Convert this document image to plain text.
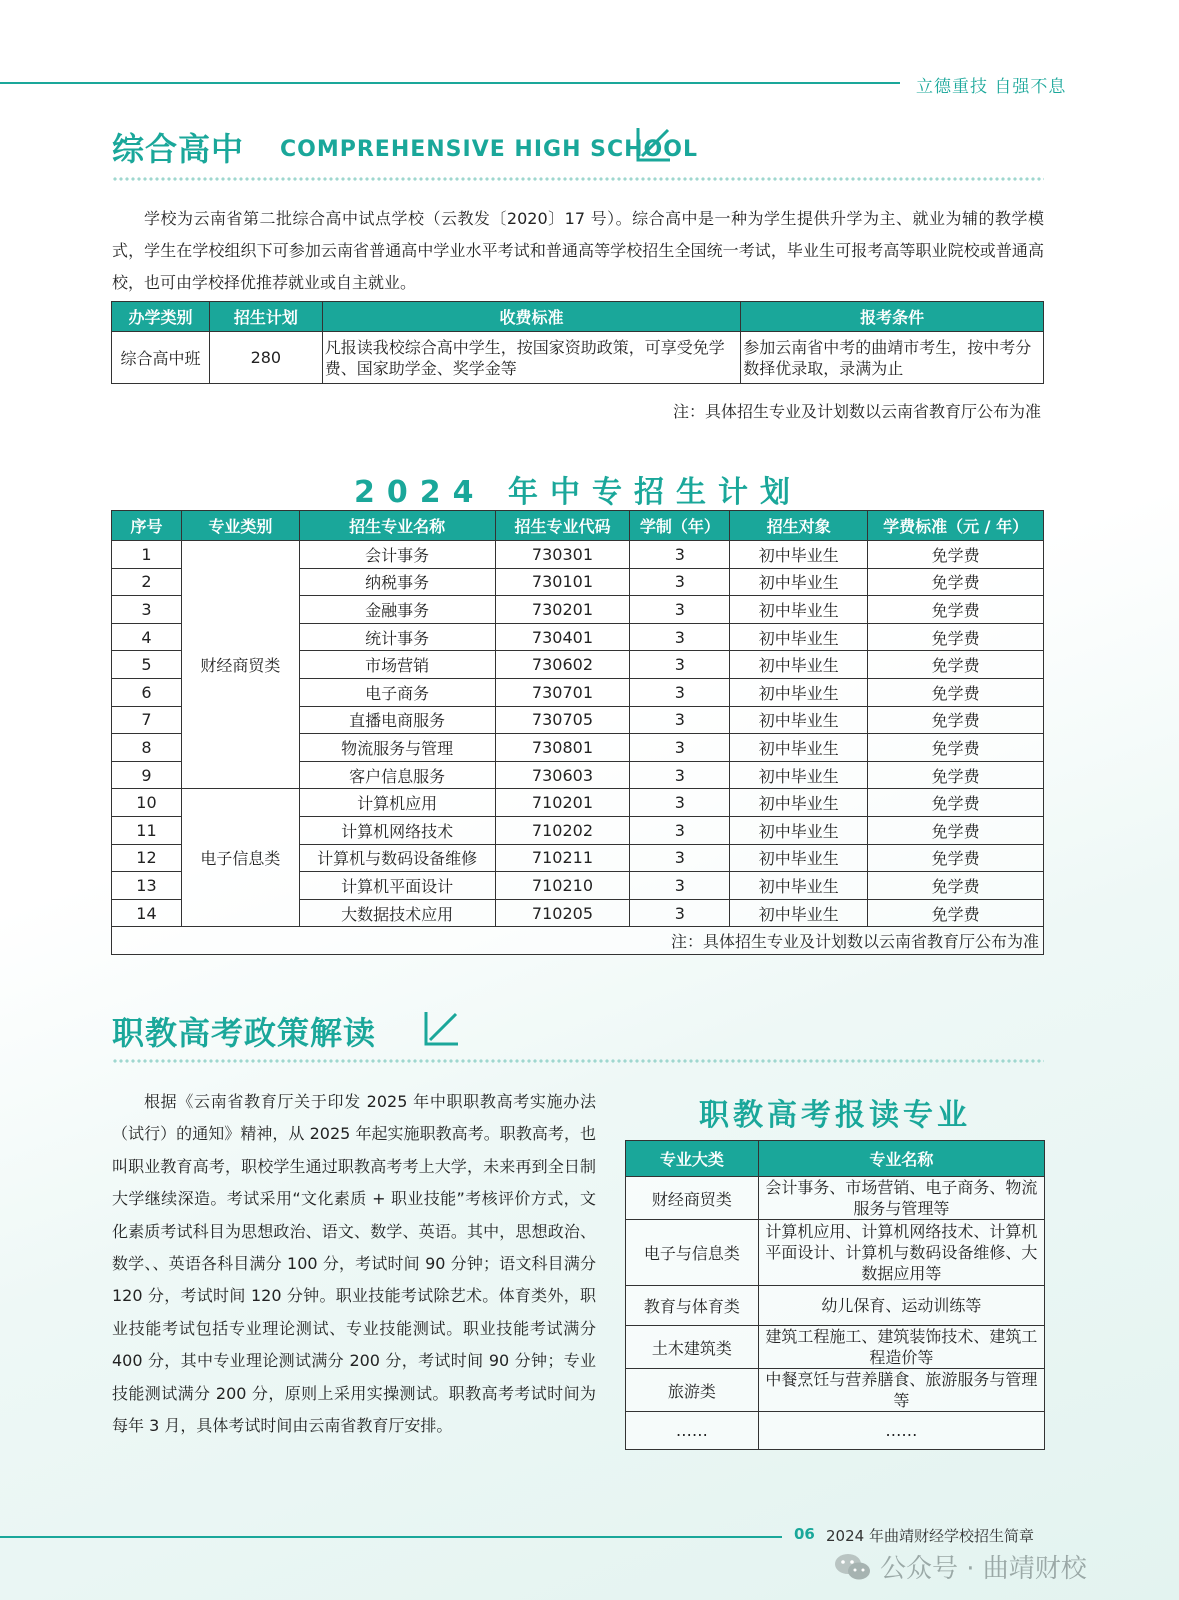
立德重技 自强不息
综合高中 COMPREHENSIVE HIGH SCHOOL

学校为云南省第二批综合高中试点学校（云教发〔2020〕17 号）。综合高中是一种为学生提供升学为主、就业为辅的教学模式，学生在学校组织下可参加云南省普通高中学业水平考试和普通高等学校招生全国统一考试，毕业生可报考高等职业院校或普通高校，也可由学校择优推荐就业或自主就业。

办学类别	招生计划	收费标准	报考条件
综合高中班	280	凡报读我校综合高中学生，按国家资助政策，可享受免学费、国家助学金、奖学金等	参加云南省中考的曲靖市考生，按中考分数择优录取，录满为止
注：具体招生专业及计划数以云南省教育厅公布为准
2024 年中专招生计划
序号	专业类别	招生专业名称	招生专业代码	学制（年）	招生对象	学费标准（元 / 年）
1	财经商贸类	会计事务	730301	3	初中毕业生	免学费
2		纳税事务	730101	3	初中毕业生	免学费
3		金融事务	730201	3	初中毕业生	免学费
4		统计事务	730401	3	初中毕业生	免学费
5		市场营销	730602	3	初中毕业生	免学费
6		电子商务	730701	3	初中毕业生	免学费
7		直播电商服务	730705	3	初中毕业生	免学费
8		物流服务与管理	730801	3	初中毕业生	免学费
9		客户信息服务	730603	3	初中毕业生	免学费
10	电子信息类	计算机应用	710201	3	初中毕业生	免学费
11		计算机网络技术	710202	3	初中毕业生	免学费
12		计算机与数码设备维修	710211	3	初中毕业生	免学费
13		计算机平面设计	710210	3	初中毕业生	免学费
14		大数据技术应用	710205	3	初中毕业生	免学费
注：具体招生专业及计划数以云南省教育厅公布为准						
职教高考政策解读

根据《云南省教育厅关于印发 2025 年中职职教高考实施办法（试行）的通知》精神，从 2025 年起实施职教高考。职教高考，也叫职业教育高考，职校学生通过职教高考考上大学，未来再到全日制大学继续深造。考试采用“文化素质 + 职业技能”考核评价方式，文化素质考试科目为思想政治、语文、数学、英语。其中，思想政治、数学、、英语各科目满分 100 分，考试时间 90 分钟；语文科目满分 120 分，考试时间 120 分钟。职业技能考试除艺术。体育类外，职业技能考试包括专业理论测试、专业技能测试。职业技能考试满分 400 分，其中专业理论测试满分 200 分，考试时间 90 分钟；专业技能测试满分 200 分，原则上采用实操测试。职教高考考试时间为每年 3 月，具体考试时间由云南省教育厅安排。

职教高考报读专业
专业大类	专业名称
财经商贸类	会计事务、市场营销、电子商务、物流服务与管理等
电子与信息类	计算机应用、计算机网络技术、计算机平面设计、计算机与数码设备维修、大数据应用等
教育与体育类	幼儿保育、运动训练等
土木建筑类	建筑工程施工、建筑装饰技术、建筑工程造价等
旅游类	中餐烹饪与营养膳食、旅游服务与管理等
……	……
06 2024 年曲靖财经学校招生简章
公众号 · 曲靖财校
